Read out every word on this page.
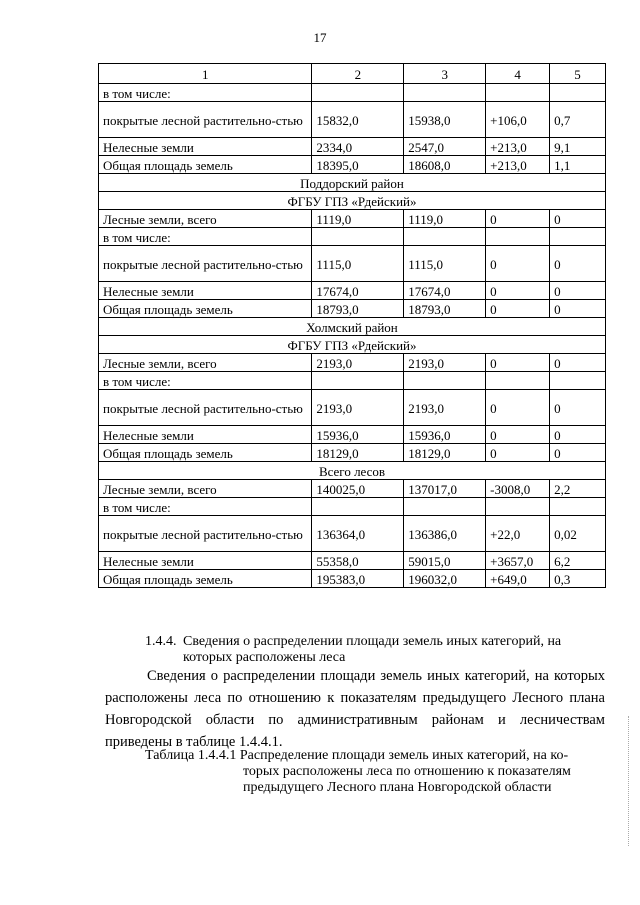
17
1	2	3	4	5
в том числе:				
покрытые лесной растительно-стью	15832,0	15938,0	+106,0	0,7
Нелесные земли	2334,0	2547,0	+213,0	9,1
Общая площадь земель	18395,0	18608,0	+213,0	1,1
Поддорский район				
ФГБУ ГПЗ «Рдейский»				
Лесные земли, всего	1119,0	1119,0	0	0
в том числе:				
покрытые лесной растительно-стью	1115,0	1115,0	0	0
Нелесные земли	17674,0	17674,0	0	0
Общая площадь земель	18793,0	18793,0	0	0
Холмский район				
ФГБУ ГПЗ «Рдейский»				
Лесные земли, всего	2193,0	2193,0	0	0
в том числе:				
покрытые лесной растительно-стью	2193,0	2193,0	0	0
Нелесные земли	15936,0	15936,0	0	0
Общая площадь земель	18129,0	18129,0	0	0
Всего лесов				
Лесные земли, всего	140025,0	137017,0	-3008,0	2,2
в том числе:				
покрытые лесной растительно-стью	136364,0	136386,0	+22,0	0,02
Нелесные земли	55358,0	59015,0	+3657,0	6,2
Общая площадь земель	195383,0	196032,0	+649,0	0,3
1.4.4. Сведения о распределении площади земель иных категорий, на
которых расположены леса
Сведения о распределении площади земель иных категорий, на которых расположены леса по отношению к показателям предыдущего Лесного плана Новгородской области по административным районам и лесничествам приведены в таблице 1.4.4.1.
Таблица 1.4.4.1 Распределение площади земель иных категорий, на ко-
торых расположены леса по отношению к показателям
предыдущего Лесного плана Новгородской области
